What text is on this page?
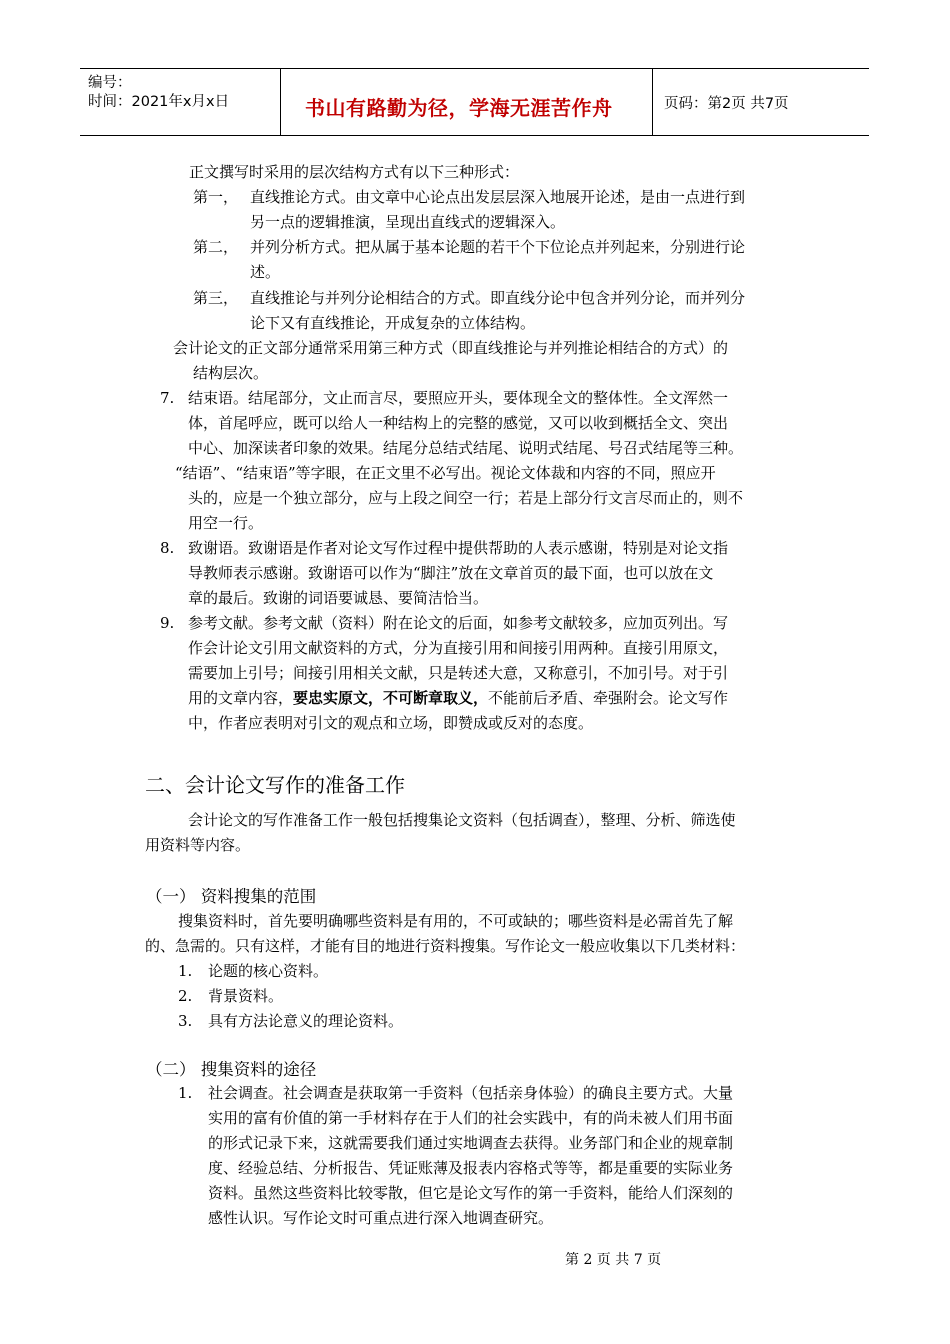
编号：
时间：2021年x月x日	书山有路勤为径，学海无涯苦作舟	页码：第2页 共7页
正文撰写时采用的层次结构方式有以下三种形式：
第一， 直线推论方式。由文章中心论点出发层层深入地展开论述，是由一点进行到
另一点的逻辑推演，呈现出直线式的逻辑深入。
第二， 并列分析方式。把从属于基本论题的若干个下位论点并列起来，分别进行论
述。
第三， 直线推论与并列分论相结合的方式。即直线分论中包含并列分论，而并列分
论下又有直线推论，开成复杂的立体结构。
会计论文的正文部分通常采用第三种方式（即直线推论与并列推论相结合的方式）的
结构层次。
7. 结束语。结尾部分，文止而言尽，要照应开头，要体现全文的整体性。全文浑然一
体，首尾呼应，既可以给人一种结构上的完整的感觉，又可以收到概括全文、突出
中心、加深读者印象的效果。结尾分总结式结尾、说明式结尾、号召式结尾等三种。
“结语”、“结束语”等字眼，在正文里不必写出。视论文体裁和内容的不同，照应开
头的，应是一个独立部分，应与上段之间空一行；若是上部分行文言尽而止的，则不
用空一行。
8. 致谢语。致谢语是作者对论文写作过程中提供帮助的人表示感谢，特别是对论文指
导教师表示感谢。致谢语可以作为“脚注”放在文章首页的最下面，也可以放在文
章的最后。致谢的词语要诚恳、要简洁恰当。
9. 参考文献。参考文献（资料）附在论文的后面，如参考文献较多，应加页列出。写
作会计论文引用文献资料的方式，分为直接引用和间接引用两种。直接引用原文，
需要加上引号；间接引用相关文献，只是转述大意，又称意引，不加引号。对于引
用的文章内容，要忠实原文，不可断章取义，不能前后矛盾、牵强附会。论文写作
中，作者应表明对引文的观点和立场，即赞成或反对的态度。
二、会计论文写作的准备工作
会计论文的写作准备工作一般包括搜集论文资料（包括调查），整理、分析、筛选使
用资料等内容。
（一） 资料搜集的范围
搜集资料时，首先要明确哪些资料是有用的，不可或缺的；哪些资料是必需首先了解
的、急需的。只有这样，才能有目的地进行资料搜集。写作论文一般应收集以下几类材料：
1. 论题的核心资料。
2. 背景资料。
3. 具有方法论意义的理论资料。
（二） 搜集资料的途径
1. 社会调查。社会调查是获取第一手资料（包括亲身体验）的确良主要方式。大量
实用的富有价值的第一手材料存在于人们的社会实践中，有的尚未被人们用书面
的形式记录下来，这就需要我们通过实地调查去获得。业务部门和企业的规章制
度、经验总结、分析报告、凭证账薄及报表内容格式等等，都是重要的实际业务
资料。虽然这些资料比较零散，但它是论文写作的第一手资料，能给人们深刻的
感性认识。写作论文时可重点进行深入地调查研究。
第 2 页 共 7 页
